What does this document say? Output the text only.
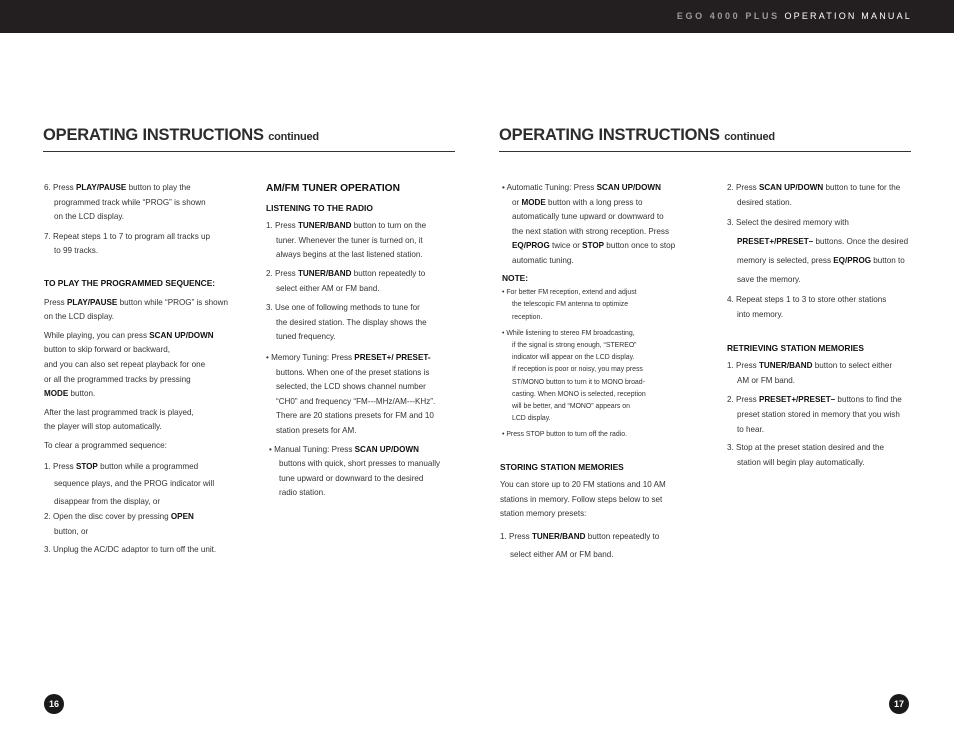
EGO 4000 PLUS OPERATION MANUAL
OPERATING INSTRUCTIONS continued	OPERATING INSTRUCTIONS continued

6. Press PLAY/PAUSE button to play the
programmed track while “PROG” is shown
on the LCD display.

7. Repeat steps 1 to 7 to program all tracks up
to 99 tracks.

TO PLAY THE PROGRAMMED SEQUENCE:

Press PLAY/PAUSE button while “PROG” is shown
on the LCD display.

While playing, you can press SCAN UP/DOWN
button to skip forward or backward,
and you can also set repeat playback for one
or all the programmed tracks by pressing
MODE button.

After the last programmed track is played,
the player will stop automatically.

To clear a programmed sequence:

1. Press STOP button while a programmed
sequence plays, and the PROG indicator will
disappear from the display, or

2. Open the disc cover by pressing OPEN
button, or

3. Unplug the AC/DC adaptor to turn off the unit.

AM/FM TUNER OPERATION

LISTENING TO THE RADIO

1. Press TUNER/BAND button to turn on the
tuner. Whenever the tuner is turned on, it
always begins at the last listened station.

2. Press TUNER/BAND button repeatedly to
select either AM or FM band.

3. Use one of following methods to tune for
the desired station. The display shows the
tuned frequency.

• Memory Tuning: Press PRESET+/ PRESET-
buttons. When one of the preset stations is
selected, the LCD shows channel number
“CH0” and frequency “FM---MHz/AM---KHz”.
There are 20 stations presets for FM and 10
station presets for AM.

• Manual Tuning: Press SCAN UP/DOWN
buttons with quick, short presses to manually
tune upward or downward to the desired
radio station.

• Automatic Tuning: Press SCAN UP/DOWN
or MODE button with a long press to
automatically tune upward or downward to
the next station with strong reception. Press
EQ/PROG twice or STOP button once to stop
automatic tuning.

NOTE:

• For better FM reception, extend and adjust
the telescopic FM antenna to optimize
reception.

• While listening to stereo FM broadcasting,
if the signal is strong enough, “STEREO”
indicator will appear on the LCD display.
If reception is poor or noisy, you may press
ST/MONO button to turn it to MONO broad-
casting. When MONO is selected, reception
will be better, and “MONO” appears on
LCD display.

• Press STOP button to turn off the radio.

STORING STATION MEMORIES

You can store up to 20 FM stations and 10 AM
stations in memory. Follow steps below to set
station memory presets:

1. Press TUNER/BAND button repeatedly to
select either AM or FM band.

2. Press SCAN UP/DOWN button to tune for the
desired station.

3. Select the desired memory with
PRESET+/PRESET– buttons. Once the desired
memory is selected, press EQ/PROG button to
save the memory.

4. Repeat steps 1 to 3 to store other stations
into memory.

RETRIEVING STATION MEMORIES

1. Press TUNER/BAND button to select either
AM or FM band.

2. Press PRESET+/PRESET– buttons to find the
preset station stored in memory that you wish
to hear.

3. Stop at the preset station desired and the
station will begin play automatically.

16	17
